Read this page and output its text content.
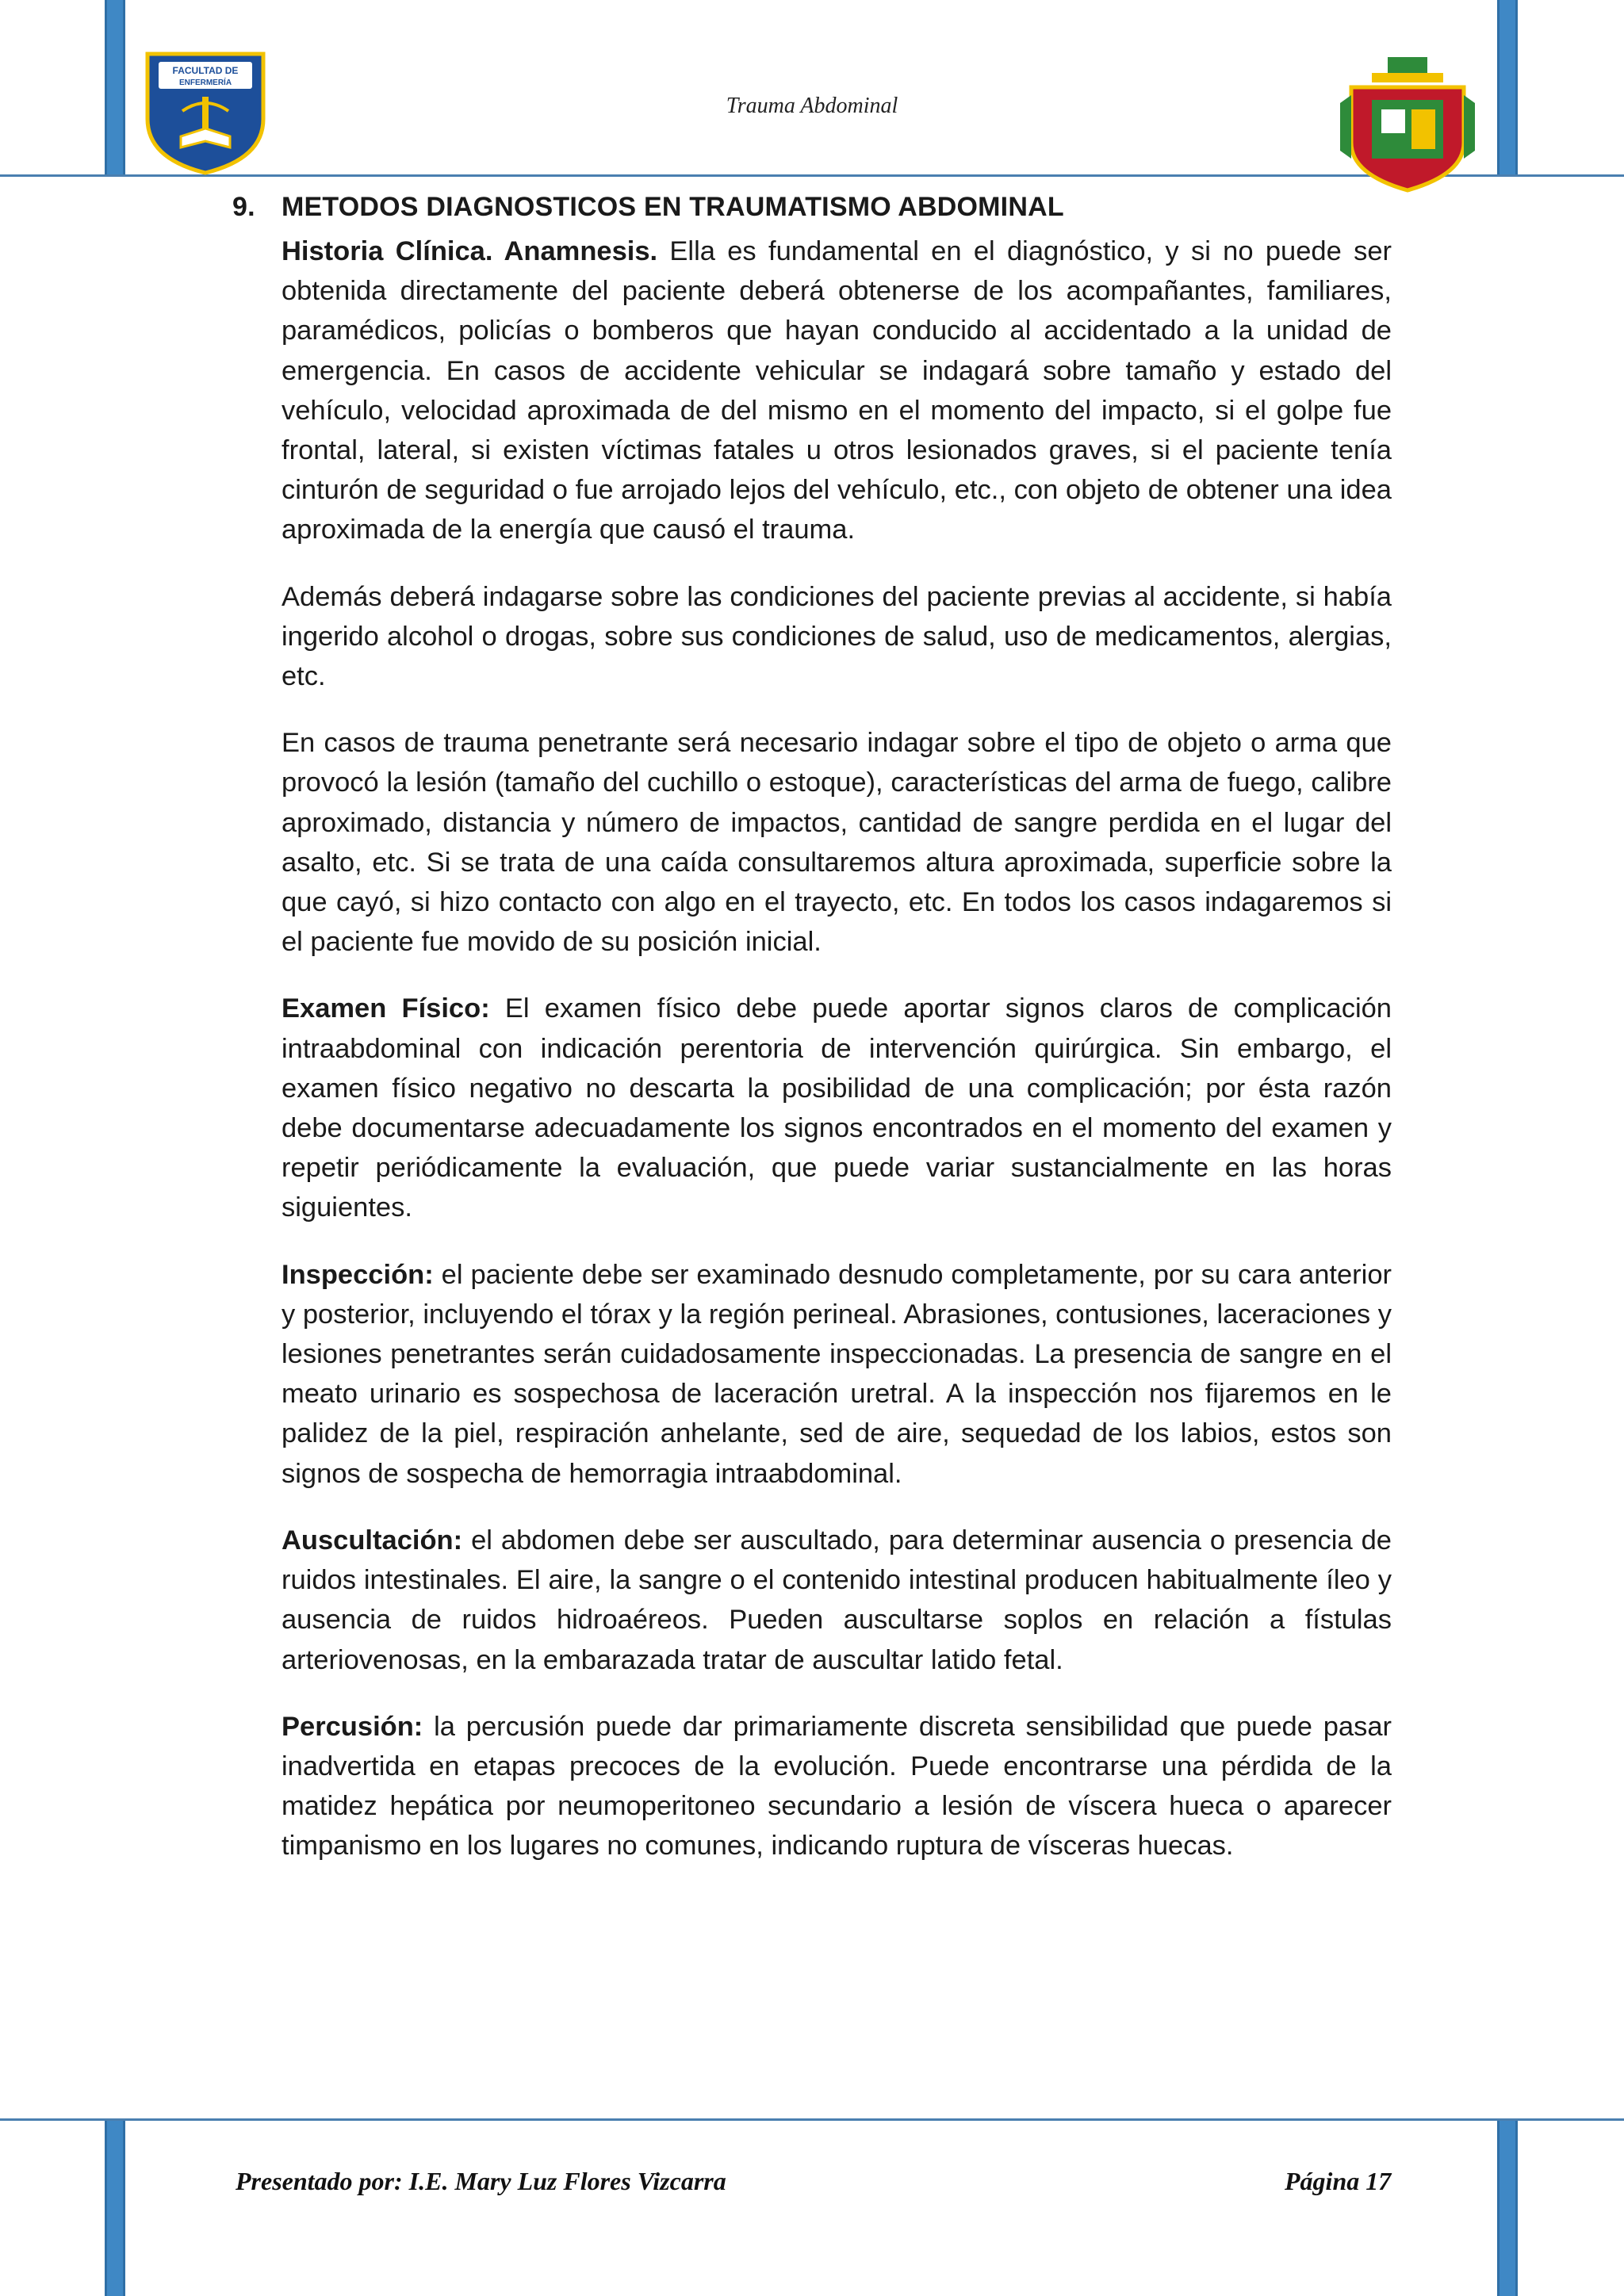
FACULTAD DE
ENFERMERÍA
Trauma Abdominal
9. METODOS DIAGNOSTICOS EN TRAUMATISMO ABDOMINAL

Historia Clínica. Anamnesis. Ella es fundamental en el diagnóstico, y si no puede ser obtenida directamente del paciente deberá obtenerse de los acompañantes, familiares, paramédicos, policías o bomberos que hayan conducido al accidentado a la unidad de emergencia. En casos de accidente vehicular se indagará sobre tamaño y estado del vehículo, velocidad aproximada de del mismo en el momento del impacto, si el golpe fue frontal, lateral, si existen víctimas fatales u otros lesionados graves, si el paciente tenía cinturón de seguridad o fue arrojado lejos del vehículo, etc., con objeto de obtener una idea aproximada de la energía que causó el trauma.

Además deberá indagarse sobre las condiciones del paciente previas al accidente, si había ingerido alcohol o drogas, sobre sus condiciones de salud, uso de medicamentos, alergias, etc.

En casos de trauma penetrante será necesario indagar sobre el tipo de objeto o arma que provocó la lesión (tamaño del cuchillo o estoque), características del arma de fuego, calibre aproximado, distancia y número de impactos, cantidad de sangre perdida en el lugar del asalto, etc. Si se trata de una caída consultaremos altura aproximada, superficie sobre la que cayó, si hizo contacto con algo en el trayecto, etc. En todos los casos indagaremos si el paciente fue movido de su posición inicial.

Examen Físico: El examen físico debe puede aportar signos claros de complicación intraabdominal con indicación perentoria de intervención quirúrgica. Sin embargo, el examen físico negativo no descarta la posibilidad de una complicación; por ésta razón debe documentarse adecuadamente los signos encontrados en el momento del examen y repetir periódicamente la evaluación, que puede variar sustancialmente en las horas siguientes.

Inspección: el paciente debe ser examinado desnudo completamente, por su cara anterior y posterior, incluyendo el tórax y la región perineal. Abrasiones, contusiones, laceraciones y lesiones penetrantes serán cuidadosamente inspeccionadas. La presencia de sangre en el meato urinario es sospechosa de laceración uretral. A la inspección nos fijaremos en le palidez de la piel, respiración anhelante, sed de aire, sequedad de los labios, estos son signos de sospecha de hemorragia intraabdominal.

Auscultación: el abdomen debe ser auscultado, para determinar ausencia o presencia de ruidos intestinales. El aire, la sangre o el contenido intestinal producen habitualmente íleo y ausencia de ruidos hidroaéreos. Pueden auscultarse soplos en relación a fístulas arteriovenosas, en la embarazada tratar de auscultar latido fetal.

Percusión: la percusión puede dar primariamente discreta sensibilidad que puede pasar inadvertida en etapas precoces de la evolución. Puede encontrarse una pérdida de la matidez hepática por neumoperitoneo secundario a lesión de víscera hueca o aparecer timpanismo en los lugares no comunes, indicando ruptura de vísceras huecas.

Presentado por: I.E. Mary Luz Flores Vizcarra	Página 17
